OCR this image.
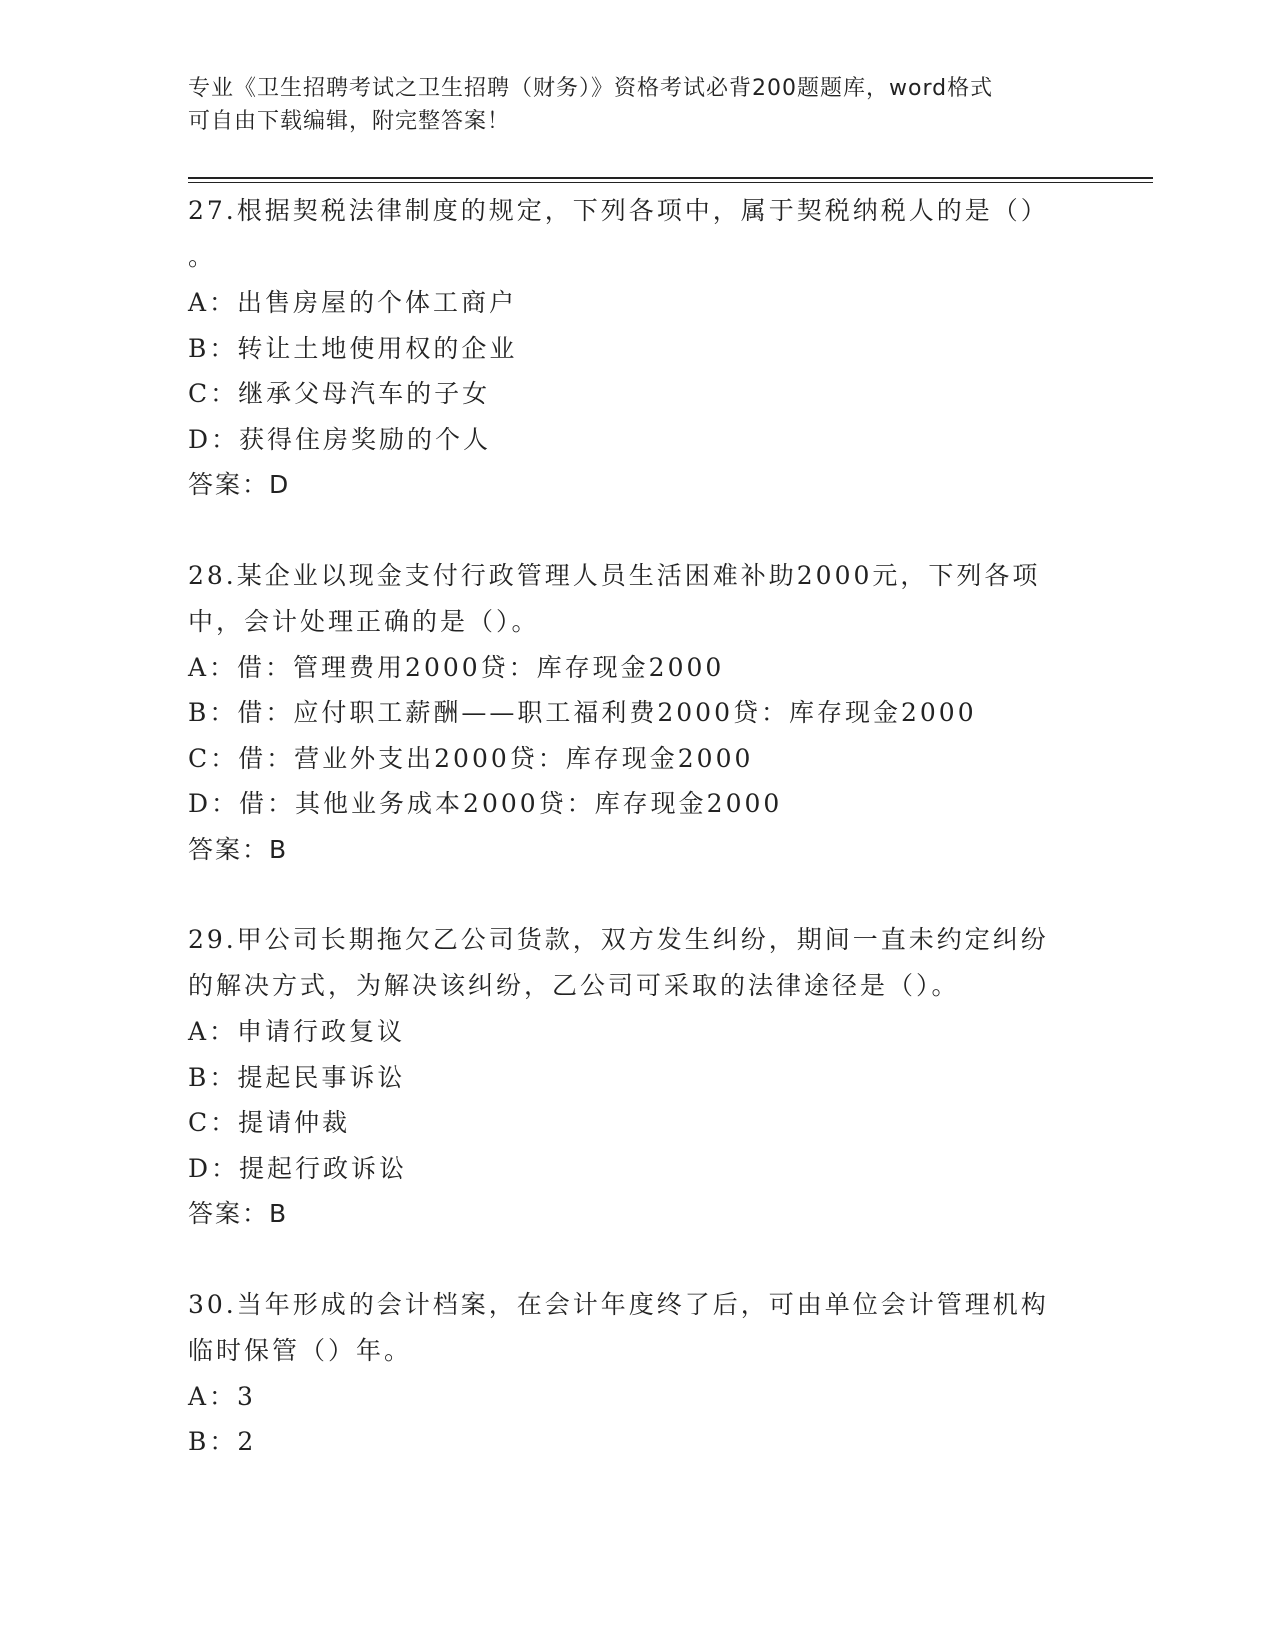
专业《卫生招聘考试之卫生招聘（财务）》资格考试必背200题题库，word格式
可自由下载编辑，附完整答案！
27.根据契税法律制度的规定，下列各项中，属于契税纳税人的是（）
。
A：出售房屋的个体工商户
B：转让土地使用权的企业
C：继承父母汽车的子女
D：获得住房奖励的个人
答案：D
28.某企业以现金支付行政管理人员生活困难补助2000元，下列各项
中，会计处理正确的是（）。
A：借：管理费用2000贷：库存现金2000
B：借：应付职工薪酬——职工福利费2000贷：库存现金2000
C：借：营业外支出2000贷：库存现金2000
D：借：其他业务成本2000贷：库存现金2000
答案：B
29.甲公司长期拖欠乙公司货款，双方发生纠纷，期间一直未约定纠纷
的解决方式，为解决该纠纷，乙公司可采取的法律途径是（）。
A：申请行政复议
B：提起民事诉讼
C：提请仲裁
D：提起行政诉讼
答案：B
30.当年形成的会计档案，在会计年度终了后，可由单位会计管理机构
临时保管（）年。
A：3
B：2
